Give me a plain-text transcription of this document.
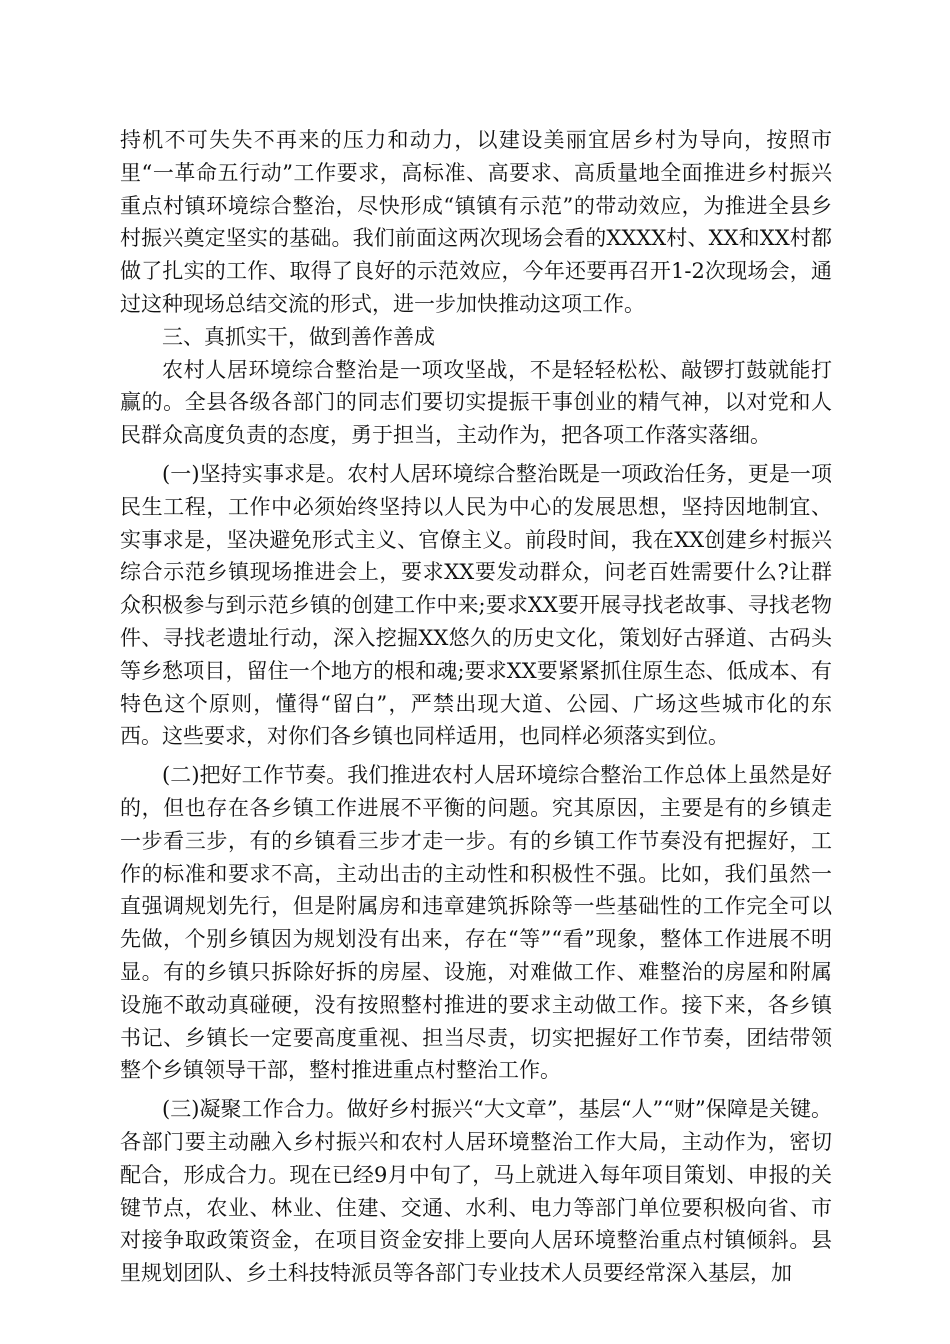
持机不可失失不再来的压力和动力，以建设美丽宜居乡村为导向，按照市里“一革命五行动”工作要求，高标准、高要求、高质量地全面推进乡村振兴重点村镇环境综合整治，尽快形成“镇镇有示范”的带动效应，为推进全县乡村振兴奠定坚实的基础。我们前面这两次现场会看的XXXX村、XX和XX村都做了扎实的工作、取得了良好的示范效应，今年还要再召开1-2次现场会，通过这种现场总结交流的形式，进一步加快推动这项工作。

三、真抓实干，做到善作善成

农村人居环境综合整治是一项攻坚战，不是轻轻松松、敲锣打鼓就能打赢的。全县各级各部门的同志们要切实提振干事创业的精气神，以对党和人民群众高度负责的态度，勇于担当，主动作为，把各项工作落实落细。

(一)坚持实事求是。农村人居环境综合整治既是一项政治任务，更是一项民生工程，工作中必须始终坚持以人民为中心的发展思想，坚持因地制宜、实事求是，坚决避免形式主义、官僚主义。前段时间，我在XX创建乡村振兴综合示范乡镇现场推进会上，要求XX要发动群众，问老百姓需要什么?让群众积极参与到示范乡镇的创建工作中来;要求XX要开展寻找老故事、寻找老物件、寻找老遗址行动，深入挖掘XX悠久的历史文化，策划好古驿道、古码头等乡愁项目，留住一个地方的根和魂;要求XX要紧紧抓住原生态、低成本、有特色这个原则，懂得“留白”，严禁出现大道、公园、广场这些城市化的东西。这些要求，对你们各乡镇也同样适用，也同样必须落实到位。

(二)把好工作节奏。我们推进农村人居环境综合整治工作总体上虽然是好的，但也存在各乡镇工作进展不平衡的问题。究其原因，主要是有的乡镇走一步看三步，有的乡镇看三步才走一步。有的乡镇工作节奏没有把握好，工作的标准和要求不高，主动出击的主动性和积极性不强。比如，我们虽然一直强调规划先行，但是附属房和违章建筑拆除等一些基础性的工作完全可以先做，个别乡镇因为规划没有出来，存在“等”“看”现象，整体工作进展不明显。有的乡镇只拆除好拆的房屋、设施，对难做工作、难整治的房屋和附属设施不敢动真碰硬，没有按照整村推进的要求主动做工作。接下来，各乡镇书记、乡镇长一定要高度重视、担当尽责，切实把握好工作节奏，团结带领整个乡镇领导干部，整村推进重点村整治工作。

(三)凝聚工作合力。做好乡村振兴“大文章”，基层“人”“财”保障是关键。各部门要主动融入乡村振兴和农村人居环境整治工作大局，主动作为，密切配合，形成合力。现在已经9月中旬了，马上就进入每年项目策划、申报的关键节点，农业、林业、住建、交通、水利、电力等部门单位要积极向省、市对接争取政策资金，在项目资金安排上要向人居环境整治重点村镇倾斜。县里规划团队、乡土科技特派员等各部门专业技术人员要经常深入基层，加
